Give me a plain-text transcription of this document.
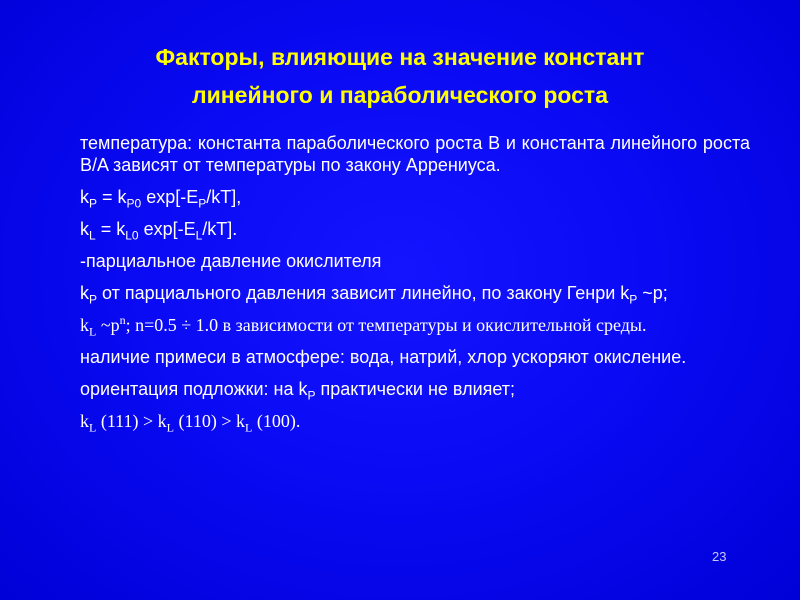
Факторы, влияющие на значение констант
линейного и параболического роста

температура: константа параболического роста B и константа линейного роста B/A зависят от температуры по закону Аррениуса.

$k_P = k_{P0}$ $\exp[-E_P/kT]$,

$k_L = k_{L0}$ $\exp[-E_L/kT]$.

-парциальное давление окислителя

$k_P$ от парциального давления зависит линейно, по закону Генри $k_P$ ~p;

$k_L$ $\sim p^n$; n=0.5 ÷ 1.0 в зависимости от температуры и окислительной среды.

наличие примеси в атмосфере: вода, натрий, хлор ускоряют окисление.

ориентация подложки: на $k_P$ практически не влияет;

$k_L$ $(111) > k_L$ $(110) > k_L$ (100).

23
